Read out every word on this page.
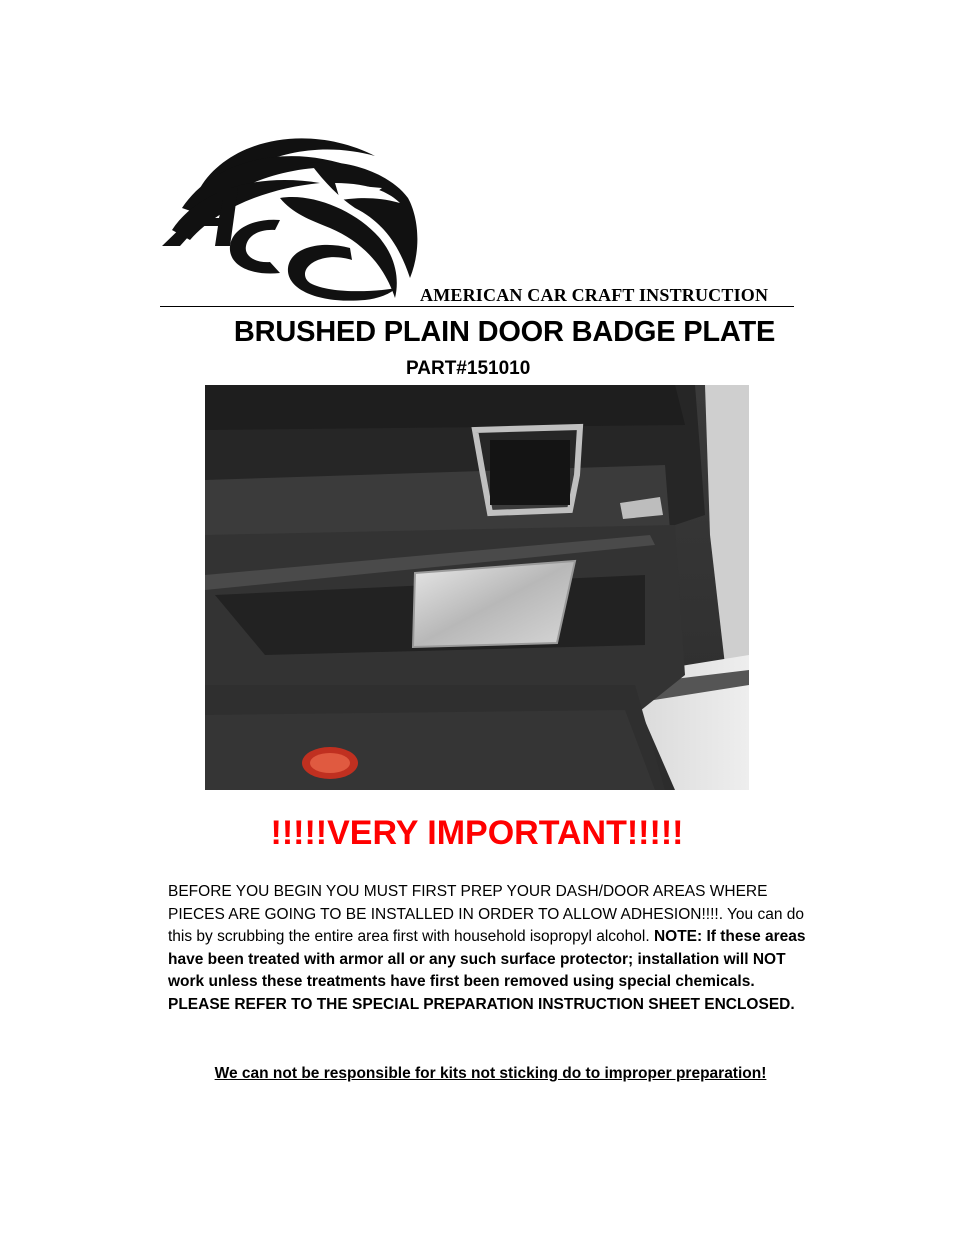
AMERICAN CAR CRAFT INSTRUCTION
BRUSHED PLAIN DOOR BADGE PLATE
PART#151010
!!!!!VERY IMPORTANT!!!!!
BEFORE YOU BEGIN YOU MUST FIRST PREP YOUR DASH/DOOR AREAS WHERE PIECES ARE GOING TO BE INSTALLED IN ORDER TO ALLOW ADHESION!!!!. You can do this by scrubbing the entire area first with household isopropyl alcohol. NOTE: If these areas have been treated with armor all or any such surface protector; installation will NOT work unless these treatments have first been removed using special chemicals. PLEASE REFER TO THE SPECIAL PREPARATION INSTRUCTION SHEET ENCLOSED.
We can not be responsible for kits not sticking do to improper preparation!
